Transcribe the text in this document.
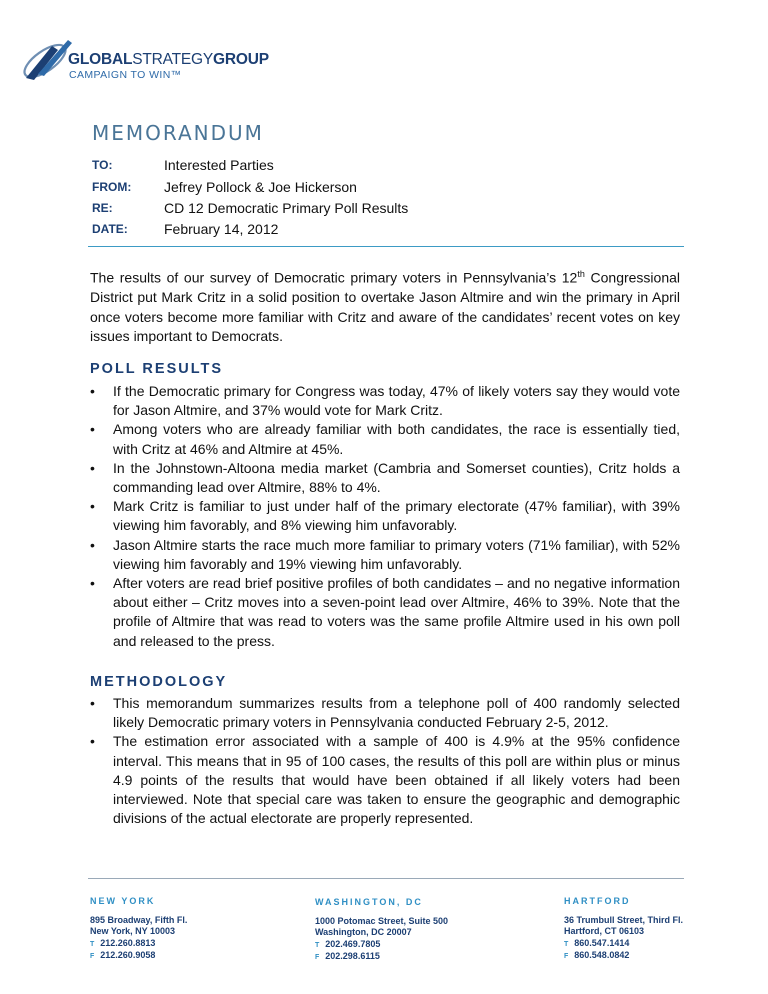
GLOBALSTRATEGYGROUP
CAMPAIGN TO WIN™
MEMORANDUM
TO:	Interested Parties
FROM: Jefrey Pollock & Joe Hickerson
RE:	CD 12 Democratic Primary Poll Results
DATE:	February 14, 2012
The results of our survey of Democratic primary voters in Pennsylvania’s 12th Congressional District put Mark Critz in a solid position to overtake Jason Altmire and win the primary in April once voters become more familiar with Critz and aware of the candidates’ recent votes on key issues important to Democrats.
POLL RESULTS
• If the Democratic primary for Congress was today, 47% of likely voters say they would vote for Jason Altmire, and 37% would vote for Mark Critz.
• Among voters who are already familiar with both candidates, the race is essentially tied, with Critz at 46% and Altmire at 45%.
• In the Johnstown-Altoona media market (Cambria and Somerset counties), Critz holds a commanding lead over Altmire, 88% to 4%.
• Mark Critz is familiar to just under half of the primary electorate (47% familiar), with 39% viewing him favorably, and 8% viewing him unfavorably.
• Jason Altmire starts the race much more familiar to primary voters (71% familiar), with 52% viewing him favorably and 19% viewing him unfavorably.
• After voters are read brief positive profiles of both candidates – and no negative information about either – Critz moves into a seven-point lead over Altmire, 46% to 39%. Note that the profile of Altmire that was read to voters was the same profile Altmire used in his own poll and released to the press.
METHODOLOGY
• This memorandum summarizes results from a telephone poll of 400 randomly selected likely Democratic primary voters in Pennsylvania conducted February 2-5, 2012.
• The estimation error associated with a sample of 400 is 4.9% at the 95% confidence interval. This means that in 95 of 100 cases, the results of this poll are within plus or minus 4.9 points of the results that would have been obtained if all likely voters had been interviewed. Note that special care was taken to ensure the geographic and demographic divisions of the actual electorate are properly represented.
NEW YORK
895 Broadway, Fifth Fl.
New York, NY 10003
T 212.260.8813
F 212.260.9058
WASHINGTON, DC
1000 Potomac Street, Suite 500
Washington, DC 20007
T 202.469.7805
F 202.298.6115
HARTFORD
36 Trumbull Street, Third Fl.
Hartford, CT 06103
T 860.547.1414
F 860.548.0842
